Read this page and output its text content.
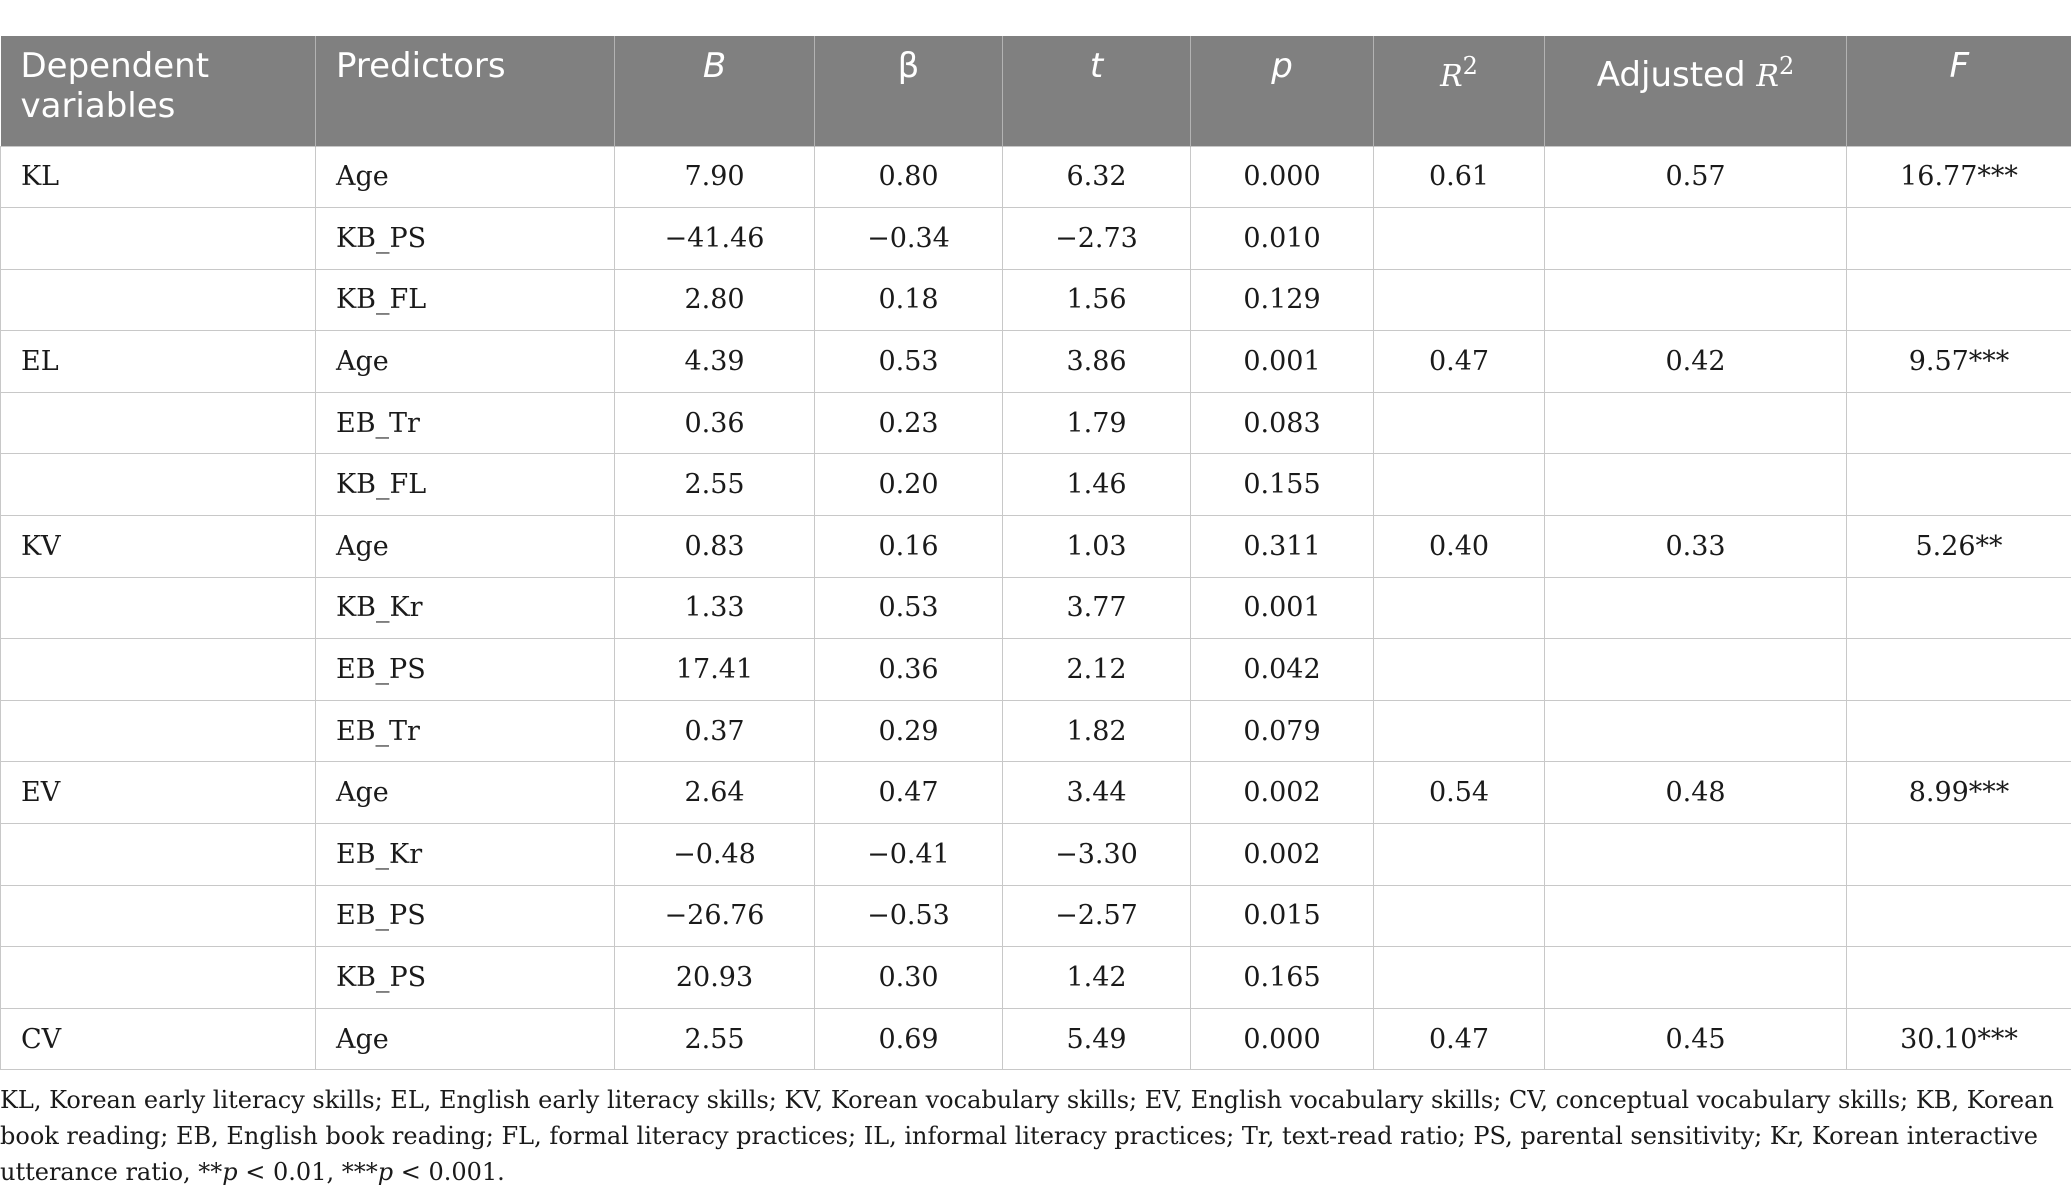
Dependent variables	Predictors	B	β	t	p	$R^2$	Adjusted $R^2$	F
KL	Age	7.90	0.80	6.32	0.000	0.61	0.57	16.77***
	KB_PS	−41.46	−0.34	−2.73	0.010			
	KB_FL	2.80	0.18	1.56	0.129			
EL	Age	4.39	0.53	3.86	0.001	0.47	0.42	9.57***
	EB_Tr	0.36	0.23	1.79	0.083			
	KB_FL	2.55	0.20	1.46	0.155			
KV	Age	0.83	0.16	1.03	0.311	0.40	0.33	5.26**
	KB_Kr	1.33	0.53	3.77	0.001			
	EB_PS	17.41	0.36	2.12	0.042			
	EB_Tr	0.37	0.29	1.82	0.079			
EV	Age	2.64	0.47	3.44	0.002	0.54	0.48	8.99***
	EB_Kr	−0.48	−0.41	−3.30	0.002			
	EB_PS	−26.76	−0.53	−2.57	0.015			
	KB_PS	20.93	0.30	1.42	0.165			
CV	Age	2.55	0.69	5.49	0.000	0.47	0.45	30.10***
KL, Korean early literacy skills; EL, English early literacy skills; KV, Korean vocabulary skills; EV, English vocabulary skills; CV, conceptual vocabulary skills; KB, Korean book reading; EB, English book reading; FL, formal literacy practices; IL, informal literacy practices; Tr, text-read ratio; PS, parental sensitivity; Kr, Korean interactive utterance ratio, **p < 0.01, ***p < 0.001.
